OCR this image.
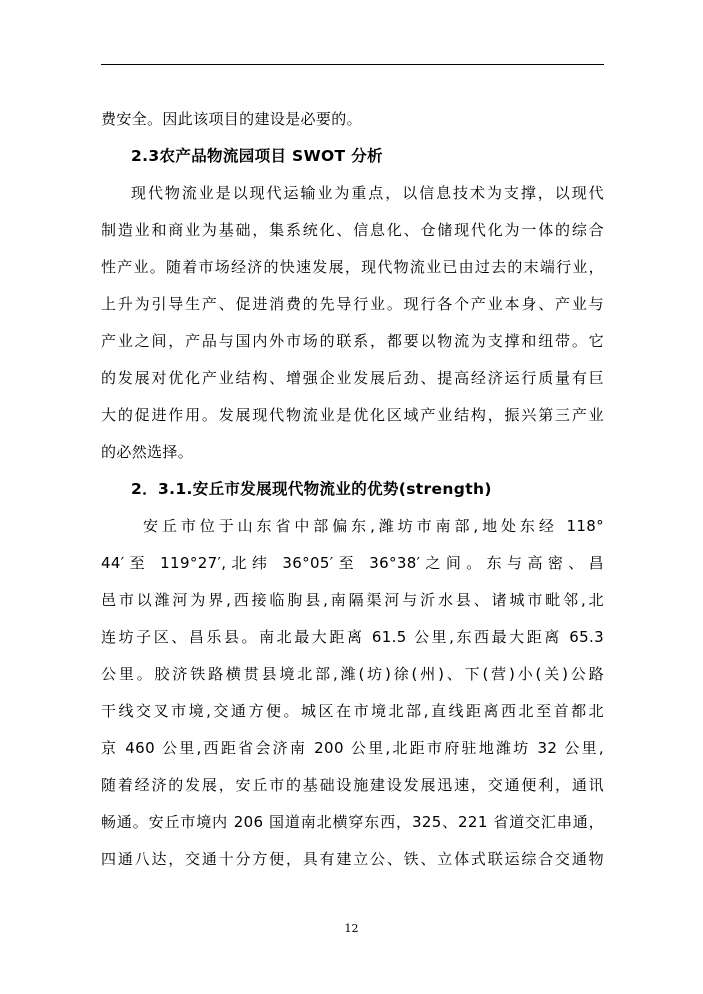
费安全。因此该项目的建设是必要的。
2.3农产品物流园项目 SWOT 分析
现代物流业是以现代运输业为重点，以信息技术为支撑，以现代
制造业和商业为基础，集系统化、信息化、仓储现代化为一体的综合
性产业。随着市场经济的快速发展，现代物流业已由过去的末端行业，
上升为引导生产、促进消费的先导行业。现行各个产业本身、产业与
产业之间，产品与国内外市场的联系，都要以物流为支撑和纽带。它
的发展对优化产业结构、增强企业发展后劲、提高经济运行质量有巨
大的促进作用。发展现代物流业是优化区域产业结构，振兴第三产业
的必然选择。
2．3.1.安丘市发展现代物流业的优势(strength)
安丘市位于山东省中部偏东,潍坊市南部,地处东经 118°
44′至 119°27′,北纬 36°05′至 36°38′之间。东与高密、昌
邑市以潍河为界,西接临朐县,南隔渠河与沂水县、诸城市毗邻,北
连坊子区、昌乐县。南北最大距离 61.5 公里,东西最大距离 65.3
公里。胶济铁路横贯县境北部,潍(坊)徐(州)、下(营)小(关)公路
干线交叉市境,交通方便。城区在市境北部,直线距离西北至首都北
京 460 公里,西距省会济南 200 公里,北距市府驻地潍坊 32 公里,
随着经济的发展，安丘市的基础设施建设发展迅速，交通便利，通讯
畅通。安丘市境内 206 国道南北横穿东西，325、221 省道交汇串通，
四通八达，交通十分方便，具有建立公、铁、立体式联运综合交通物
12
